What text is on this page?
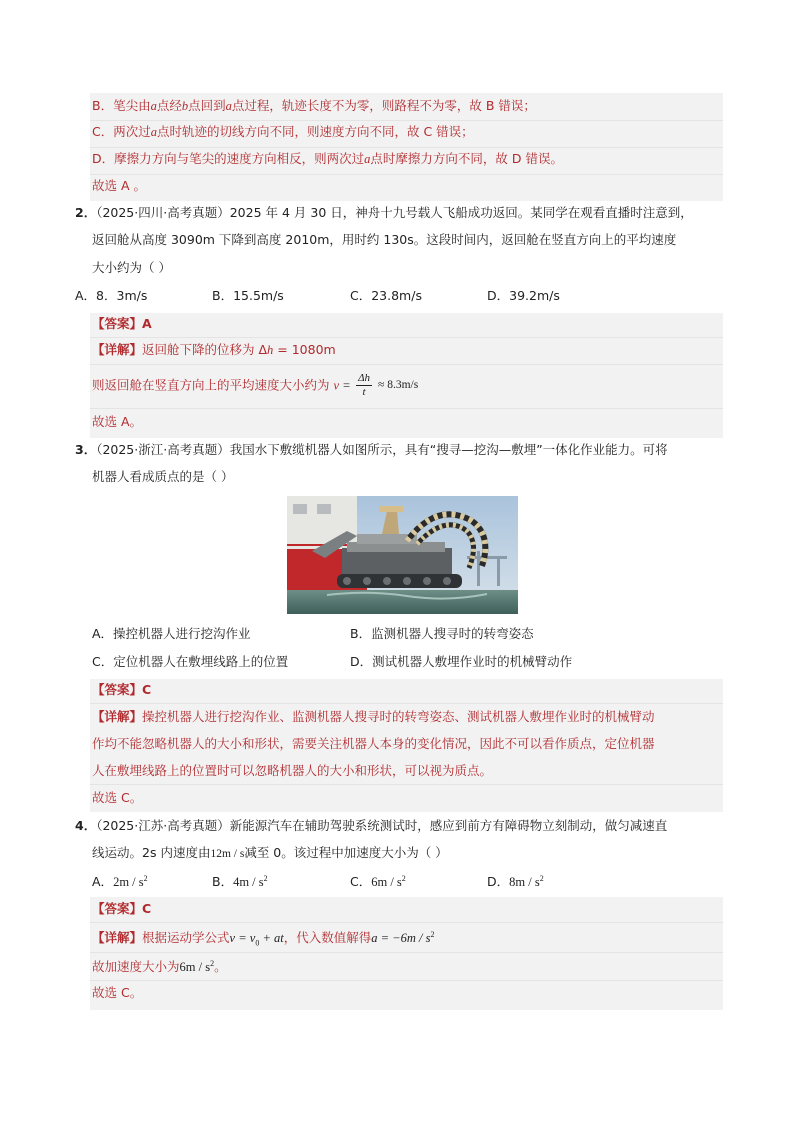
B．笔尖由a点经b点回到a点过程，轨迹长度不为零，则路程不为零，故 B 错误；
C．两次过a点时轨迹的切线方向不同，则速度方向不同，故 C 错误；
D．摩擦力方向与笔尖的速度方向相反，则两次过a点时摩擦力方向不同，故 D 错误。
故选 A 。
2．（2025·四川·高考真题）2025 年 4 月 30 日，神舟十九号载人飞船成功返回。某同学在观看直播时注意到，
返回舱从高度 3090m 下降到高度 2010m，用时约 130s。这段时间内，返回舱在竖直方向上的平均速度
大小约为（ ）
A．8．3m/s	B．15.5m/s	C．23.8m/s	D．39.2m/s
【答案】A
【详解】返回舱下降的位移为 Δh = 1080m
则返回舱在竖直方向上的平均速度大小约为 $v = \frac{\Delta h}{t} \approx 8.3m/s$
故选 A。
3．（2025·浙江·高考真题）我国水下敷缆机器人如图所示，具有“搜寻—挖沟—敷埋”一体化作业能力。可将
机器人看成质点的是（ ）
A．操控机器人进行挖沟作业	B．监测机器人搜寻时的转弯姿态
C．定位机器人在敷埋线路上的位置	D．测试机器人敷埋作业时的机械臂动作
【答案】C
【详解】操控机器人进行挖沟作业、监测机器人搜寻时的转弯姿态、测试机器人敷埋作业时的机械臂动
作均不能忽略机器人的大小和形状，需要关注机器人本身的变化情况，因此不可以看作质点，定位机器
人在敷埋线路上的位置时可以忽略机器人的大小和形状，可以视为质点。
故选 C。
4．（2025·江苏·高考真题）新能源汽车在辅助驾驶系统测试时，感应到前方有障碍物立刻制动，做匀减速直
线运动。2s 内速度由12m / s减至 0。该过程中加速度大小为（ ）
A．$2m / s^2$	B．$4m / s^2$	C．$6m / s^2$	D．$8m / s^2$
【答案】C
【详解】根据运动学公式$v = v_0$ + at，代入数值解得$a = -6m / s^2$
故加速度大小为$6m / s^2$。
故选 C。
